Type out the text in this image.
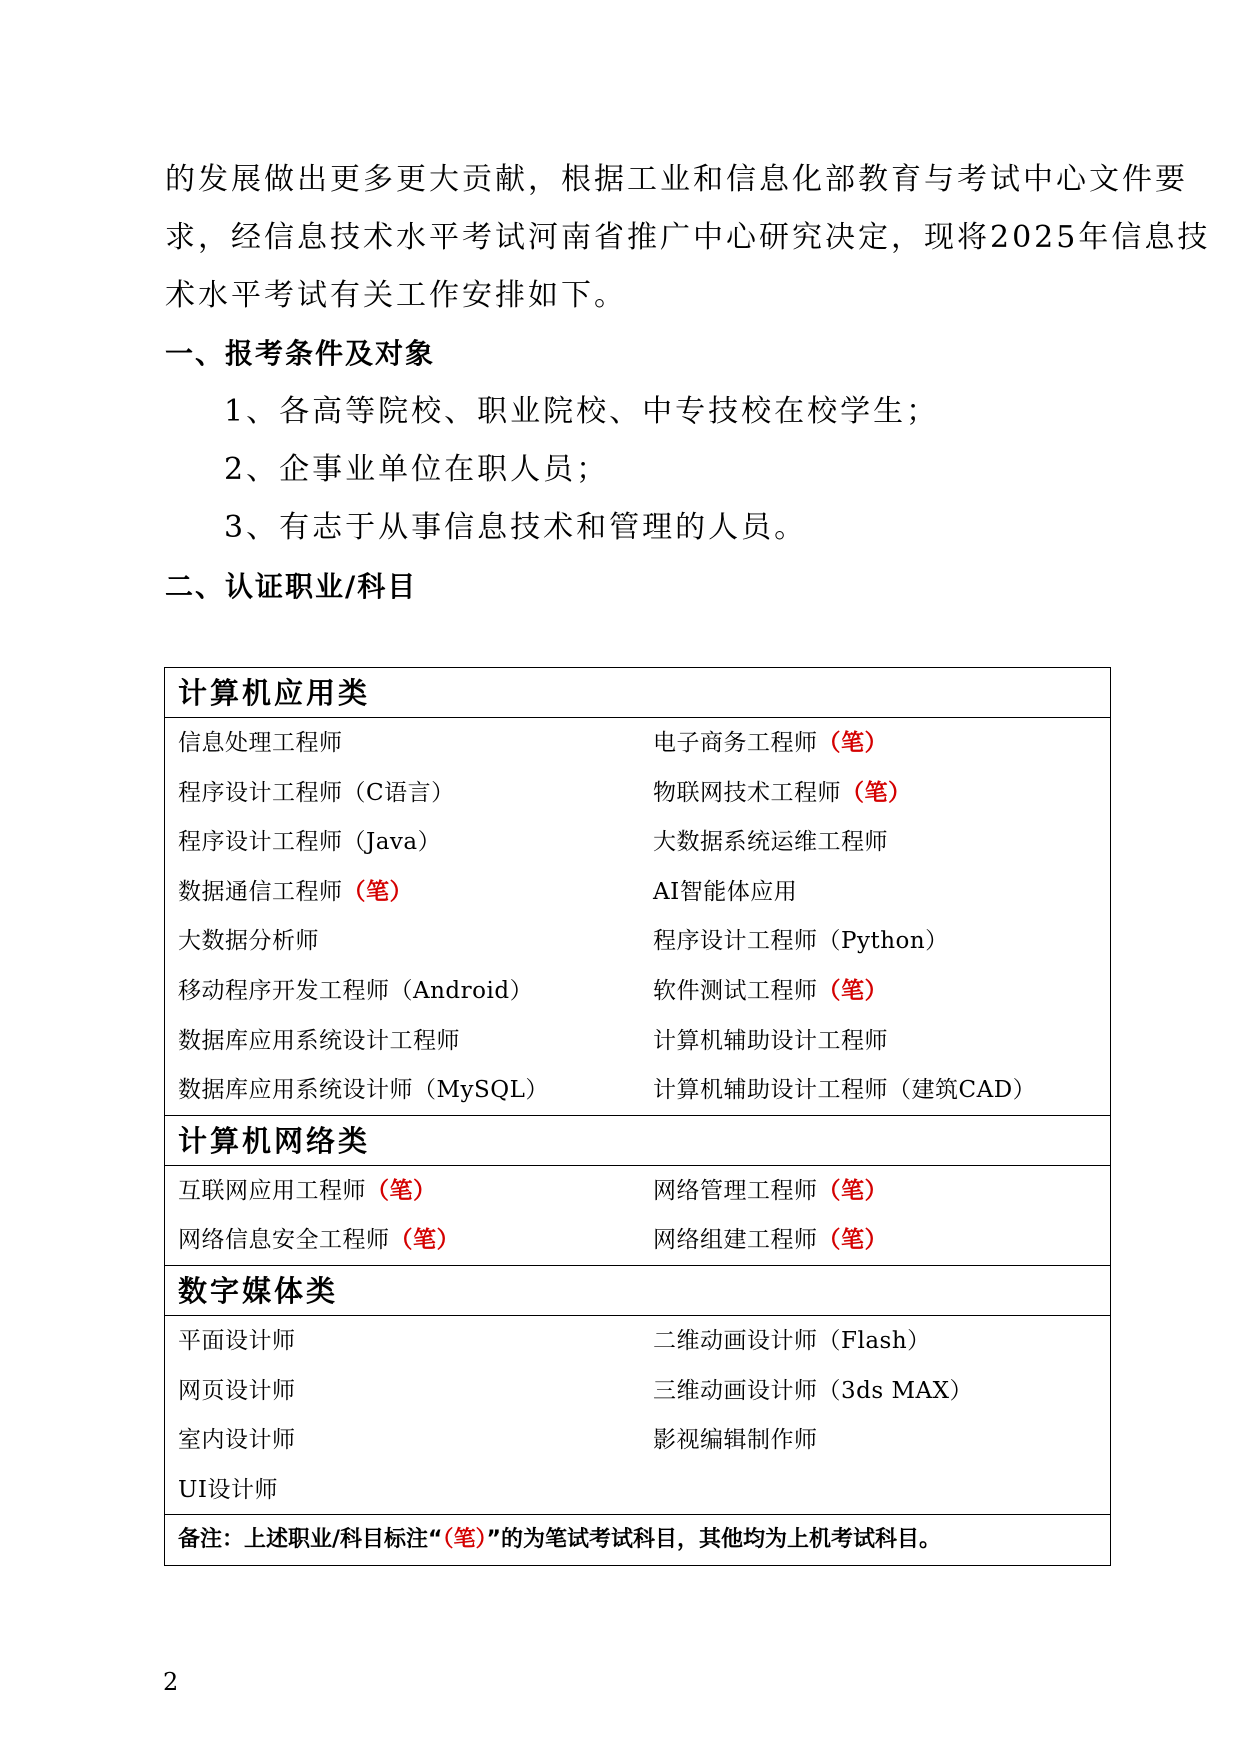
的发展做出更多更大贡献，根据工业和信息化部教育与考试中心文件要
求，经信息技术水平考试河南省推广中心研究决定，现将2025年信息技
术水平考试有关工作安排如下。
一、报考条件及对象
1、各高等院校、职业院校、中专技校在校学生；
2、企事业单位在职人员；
3、有志于从事信息技术和管理的人员。
二、认证职业/科目
计算机应用类
信息处理工程师	电子商务工程师（笔）
程序设计工程师（C语言）	物联网技术工程师（笔）
程序设计工程师（Java）	大数据系统运维工程师
数据通信工程师（笔）	AI智能体应用
大数据分析师	程序设计工程师（Python）
移动程序开发工程师（Android）	软件测试工程师（笔）
数据库应用系统设计工程师	计算机辅助设计工程师
数据库应用系统设计师（MySQL）	计算机辅助设计工程师（建筑CAD）
计算机网络类
互联网应用工程师（笔）	网络管理工程师（笔）
网络信息安全工程师（笔）	网络组建工程师（笔）
数字媒体类
平面设计师	二维动画设计师（Flash）
网页设计师	三维动画设计师（3ds MAX）
室内设计师	影视编辑制作师
UI设计师
备注：上述职业/科目标注“（笔）”的为笔试考试科目，其他均为上机考试科目。
2
